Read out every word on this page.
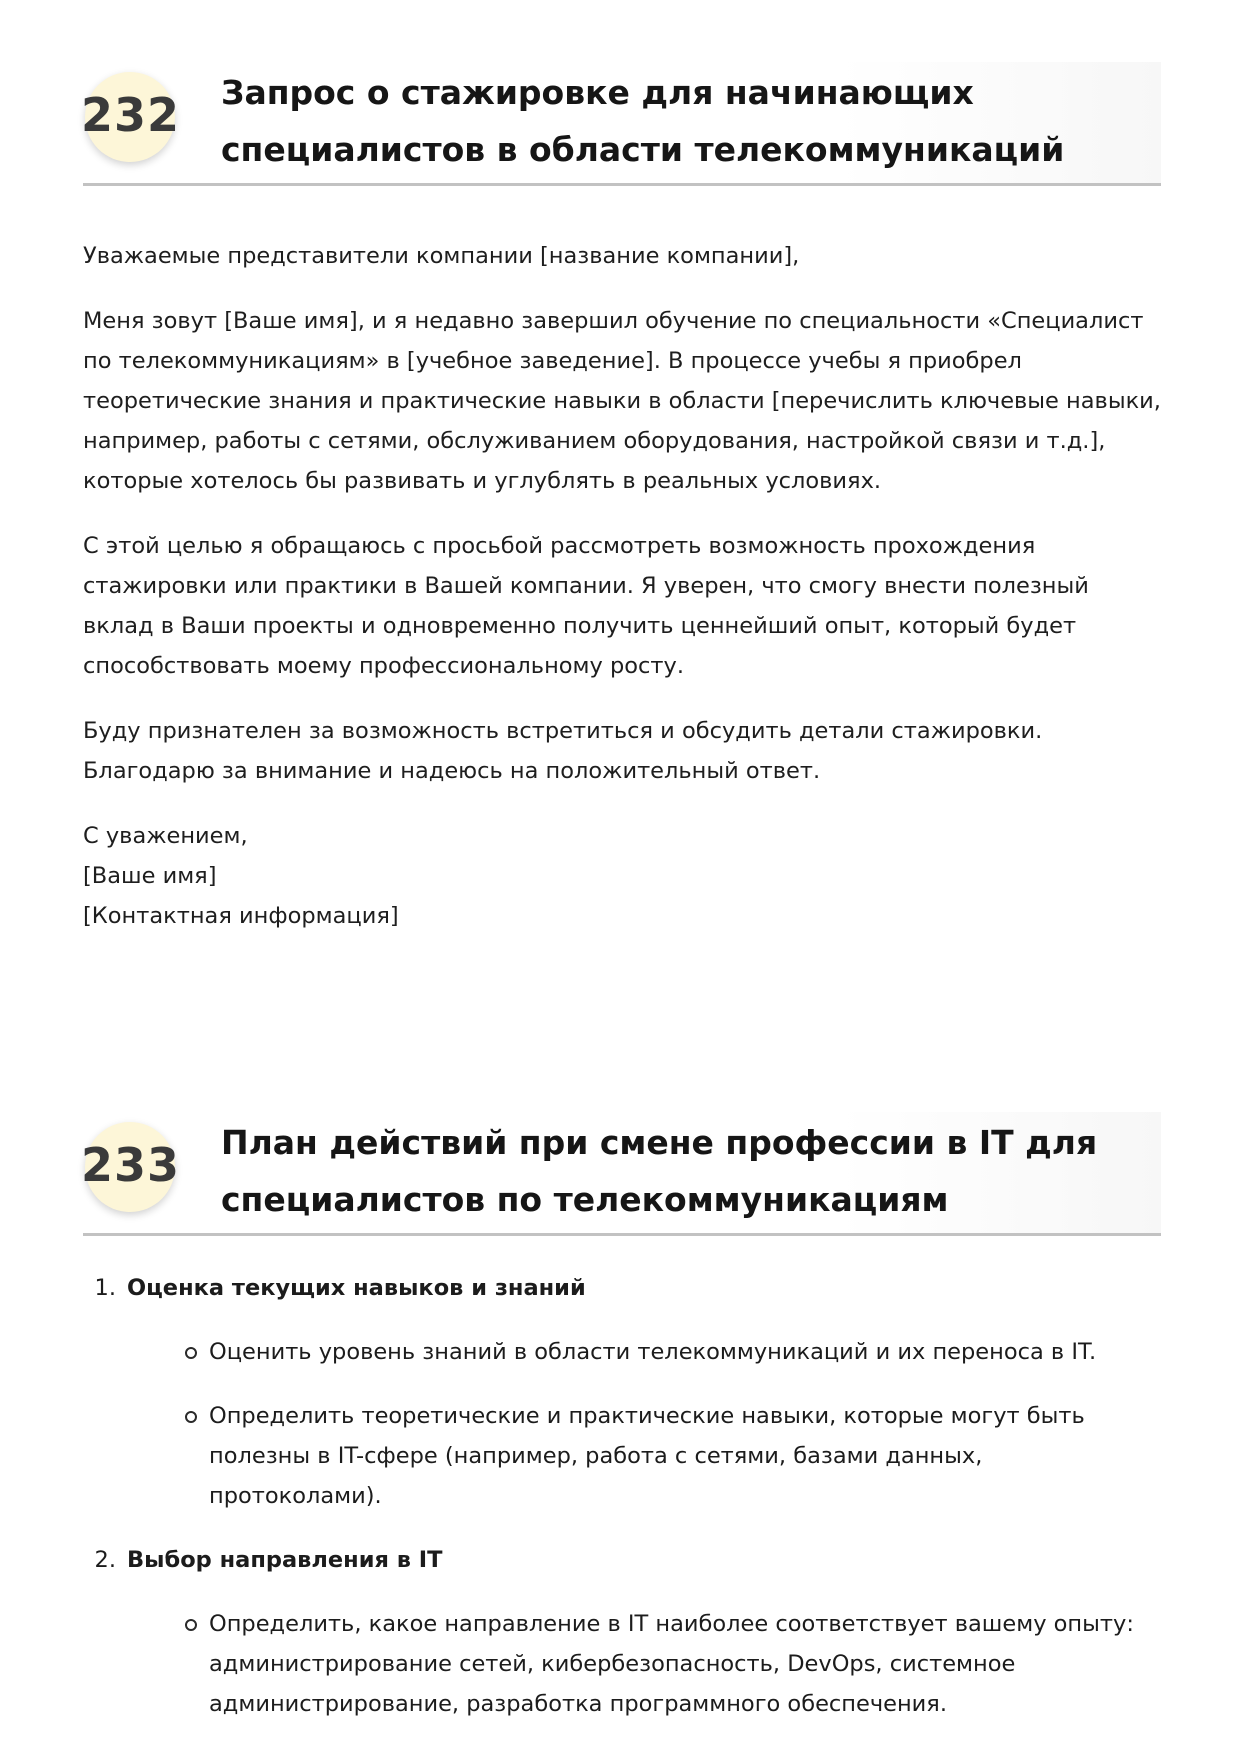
232 Запрос о стажировке для начинающих специалистов в области телекоммуникаций

Уважаемые представители компании [название компании],

Меня зовут [Ваше имя], и я недавно завершил обучение по специальности «Специалист по телекоммуникациям» в [учебное заведение]. В процессе учебы я приобрел теоретические знания и практические навыки в области [перечислить ключевые навыки, например, работы с сетями, обслуживанием оборудования, настройкой связи и т.д.], которые хотелось бы развивать и углублять в реальных условиях.

С этой целью я обращаюсь с просьбой рассмотреть возможность прохождения стажировки или практики в Вашей компании. Я уверен, что смогу внести полезный вклад в Ваши проекты и одновременно получить ценнейший опыт, который будет способствовать моему профессиональному росту.

Буду признателен за возможность встретиться и обсудить детали стажировки. Благодарю за внимание и надеюсь на положительный ответ.

С уважением,
[Ваше имя]
[Контактная информация]

233 План действий при смене профессии в IT для специалистов по телекоммуникациям
1. Оценка текущих навыков и знаний
Оценить уровень знаний в области телекоммуникаций и их переноса в IT.
Определить теоретические и практические навыки, которые могут быть полезны в IT-сфере (например, работа с сетями, базами данных, протоколами).
2. Выбор направления в IT
Определить, какое направление в IT наиболее соответствует вашему опыту: администрирование сетей, кибербезопасность, DevOps, системное администрирование, разработка программного обеспечения.
